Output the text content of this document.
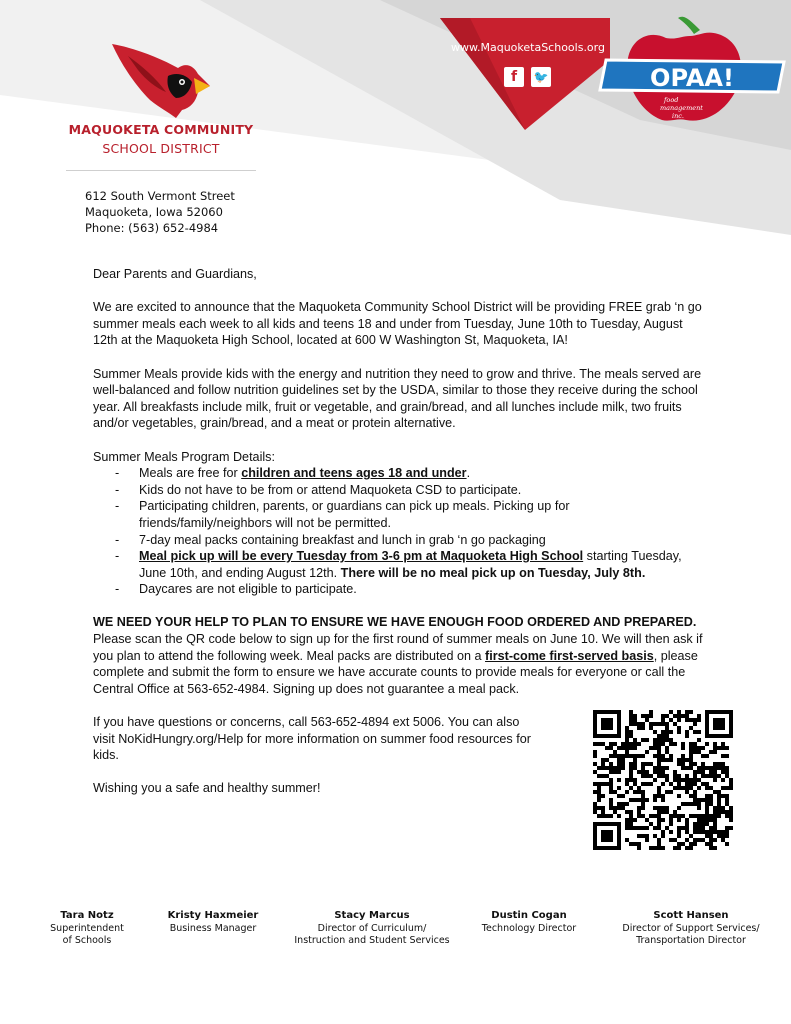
OPAA!
food
management
inc.
www.MaquoketaSchools.org
f	🐦
MAQUOKETA COMMUNITY
SCHOOL DISTRICT
612 South Vermont Street
Maquoketa, Iowa 52060
Phone: (563) 652-4984

Dear Parents and Guardians,

We are excited to announce that the Maquoketa Community School District will be providing FREE grab ‘n go summer meals each week to all kids and teens 18 and under from Tuesday, June 10th to Tuesday, August 12th at the Maquoketa High School, located at 600 W Washington St, Maquoketa, IA!

Summer Meals provide kids with the energy and nutrition they need to grow and thrive. The meals served are well-balanced and follow nutrition guidelines set by the USDA, similar to those they receive during the school year. All breakfasts include milk, fruit or vegetable, and grain/bread, and all lunches include milk, two fruits and/or vegetables, grain/bread, and a meat or protein alternative.

Summer Meals Program Details:

- Meals are free for children and teens ages 18 and under.
- Kids do not have to be from or attend Maquoketa CSD to participate.
- Participating children, parents, or guardians can pick up meals. Picking up for friends/family/neighbors will not be permitted.
- 7-day meal packs containing breakfast and lunch in grab ‘n go packaging
- Meal pick up will be every Tuesday from 3-6 pm at Maquoketa High School starting Tuesday, June 10th, and ending August 12th. There will be no meal pick up on Tuesday, July 8th.
- Daycares are not eligible to participate.

WE NEED YOUR HELP TO PLAN TO ENSURE WE HAVE ENOUGH FOOD ORDERED AND PREPARED. Please scan the QR code below to sign up for the first round of summer meals on June 10. We will then ask if you plan to attend the following week. Meal packs are distributed on a first-come first-served basis, please complete and submit the form to ensure we have accurate counts to provide meals for everyone or call the Central Office at 563-652-4984. Signing up does not guarantee a meal pack.

If you have questions or concerns, call 563-652-4894 ext 5006. You can also visit NoKidHungry.org/Help for more information on summer food resources for kids.

Wishing you a safe and healthy summer!

Tara Notz
Superintendent
of Schools
Kristy Haxmeier
Business Manager
Stacy Marcus
Director of Curriculum/
Instruction and Student Services
Dustin Cogan
Technology Director
Scott Hansen
Director of Support Services/
Transportation Director
